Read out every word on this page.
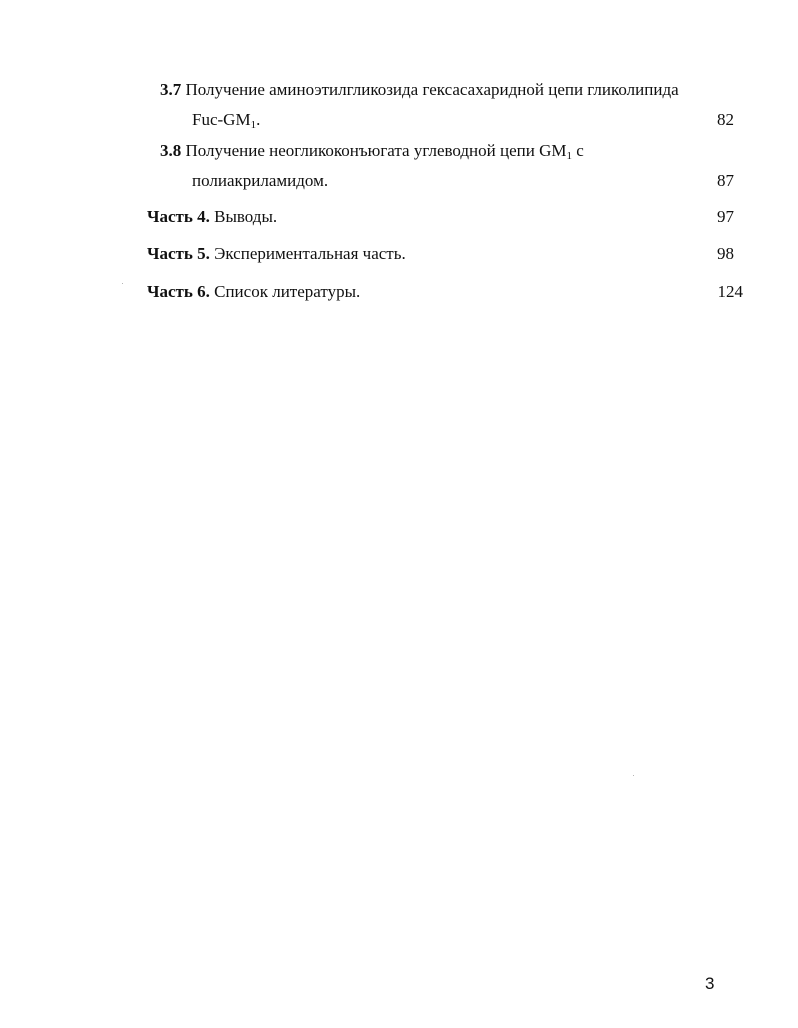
3.7 Получение аминоэтилгликозида гексасахаридной цепи гликолипида
Fuc-$GM_1$.	82
3.8 Получение неогликоконъюгата углеводной цепи $GM_1$ с
полиакриламидом.	87
Часть 4. Выводы.	97
Часть 5. Экспериментальная часть.	98
Часть 6. Список литературы.	124
3
